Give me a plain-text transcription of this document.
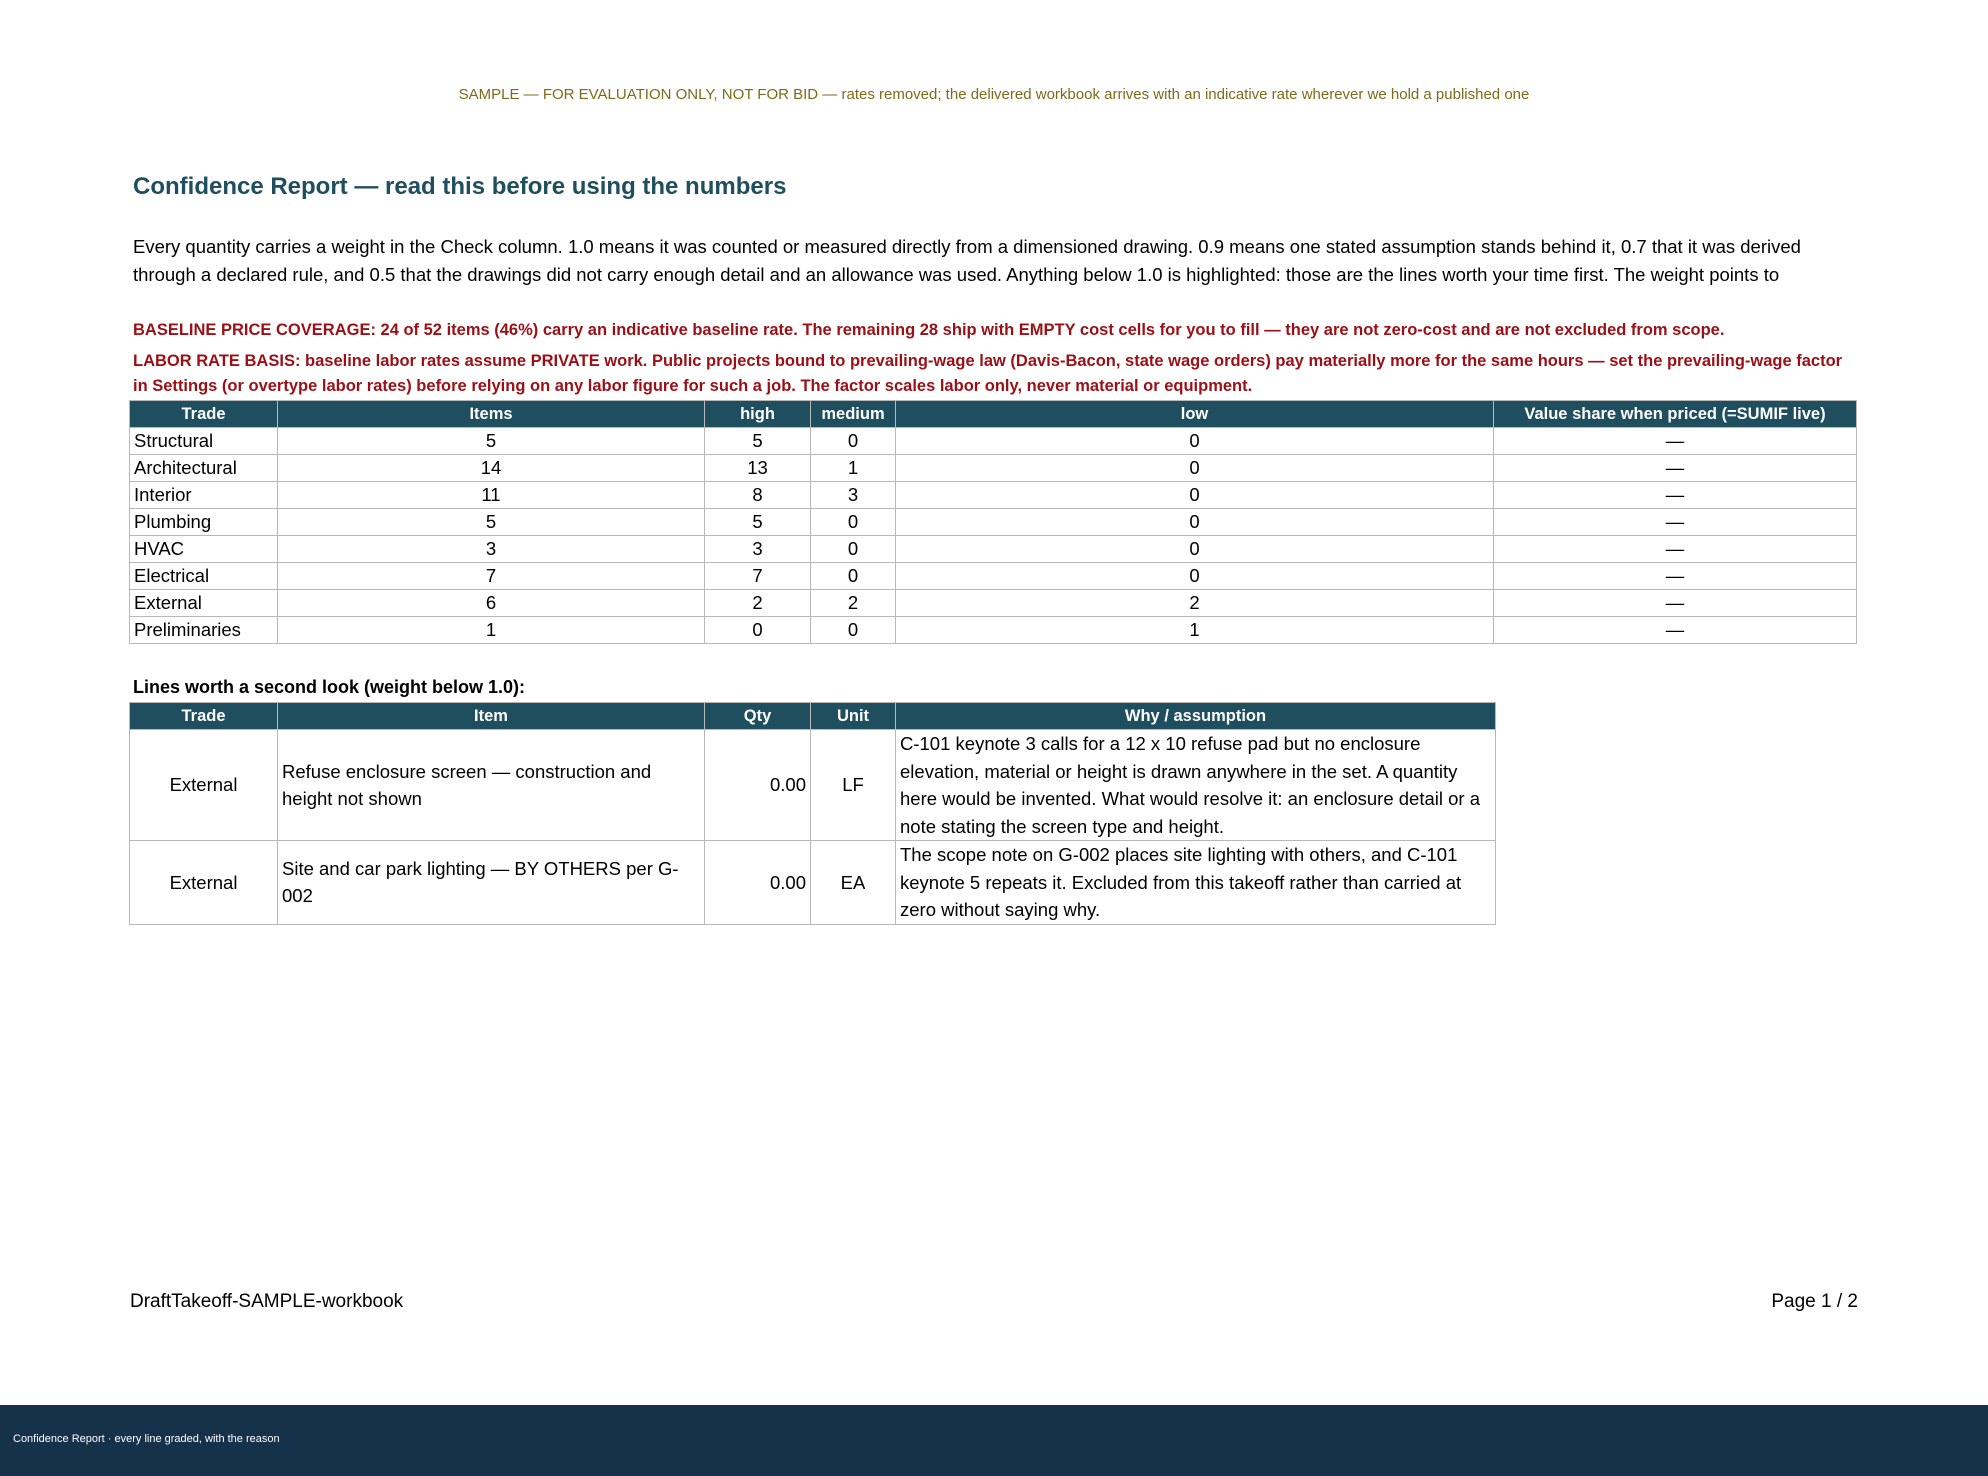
SAMPLE — FOR EVALUATION ONLY, NOT FOR BID — rates removed; the delivered workbook arrives with an indicative rate wherever we hold a published one
Confidence Report — read this before using the numbers
Every quantity carries a weight in the Check column. 1.0 means it was counted or measured directly from a dimensioned drawing. 0.9 means one stated assumption stands behind it, 0.7 that it was derived through a declared rule, and 0.5 that the drawings did not carry enough detail and an allowance was used. Anything below 1.0 is highlighted: those are the lines worth your time first. The weight points to
BASELINE PRICE COVERAGE: 24 of 52 items (46%) carry an indicative baseline rate. The remaining 28 ship with EMPTY cost cells for you to fill — they are not zero-cost and are not excluded from scope.
LABOR RATE BASIS: baseline labor rates assume PRIVATE work. Public projects bound to prevailing-wage law (Davis-Bacon, state wage orders) pay materially more for the same hours — set the prevailing-wage factor in Settings (or overtype labor rates) before relying on any labor figure for such a job. The factor scales labor only, never material or equipment.
Trade	Items	high	medium	low	Value share when priced (=SUMIF live)
Structural	5	5	0	0	—
Architectural	14	13	1	0	—
Interior	11	8	3	0	—
Plumbing	5	5	0	0	—
HVAC	3	3	0	0	—
Electrical	7	7	0	0	—
External	6	2	2	2	—
Preliminaries	1	0	0	1	—
Lines worth a second look (weight below 1.0):
Trade	Item	Qty	Unit	Why / assumption
External	Refuse enclosure screen — construction and height not shown	0.00	LF	C-101 keynote 3 calls for a 12 x 10 refuse pad but no enclosure elevation, material or height is drawn anywhere in the set. A quantity here would be invented. What would resolve it: an enclosure detail or a note stating the screen type and height.
External	Site and car park lighting — BY OTHERS per G-002	0.00	EA	The scope note on G-002 places site lighting with others, and C-101 keynote 5 repeats it. Excluded from this takeoff rather than carried at zero without saying why.
DraftTakeoff-SAMPLE-workbook	Page 1 / 2
Confidence Report · every line graded, with the reason
